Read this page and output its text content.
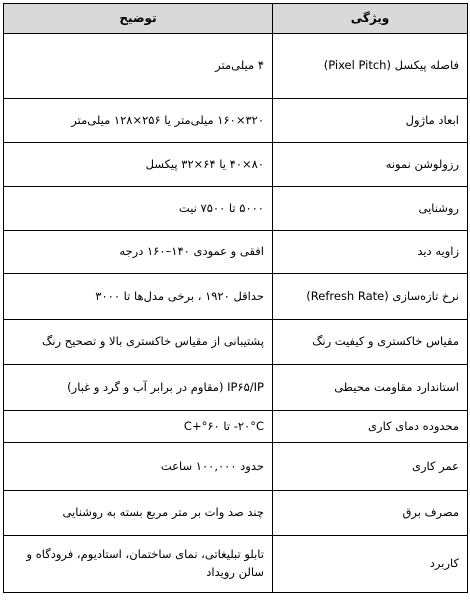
ویژگی	توضیح
فاصله پیکسل (Pixel Pitch)	۴ میلی‌متر
ابعاد ماژول	۳۲۰×۱۶۰ میلی‌متر یا ۲۵۶×۱۲۸ میلی‌متر
رزولوشن نمونه	۸۰×۴۰ یا ۶۴×۳۲ پیکسل
روشنایی	۵۰۰۰ تا ۷۵۰۰ نیت
زاویه دید	افقی و عمودی ۱۴۰–۱۶۰ درجه
نرخ تازه‌سازی (Refresh Rate)	حداقل ۱۹۲۰ ، برخی مدل‌ها تا ۳۰۰۰
مقیاس خاکستری و کیفیت رنگ	پشتیبانی از مقیاس خاکستری بالا و تصحیح رنگ
استاندارد مقاومت محیطی	IP۶۵/IP (مقاوم در برابر آب و گرد و غبار)
محدوده دمای کاری	۲۰°C- تا ۶۰°+C
عمر کاری	حدود ۱۰۰,۰۰۰ ساعت
مصرف برق	چند صد وات بر متر مربع بسته به روشنایی
کاربرد	تابلو تبلیغاتی، نمای ساختمان، استادیوم، فرودگاه و سالن رویداد
